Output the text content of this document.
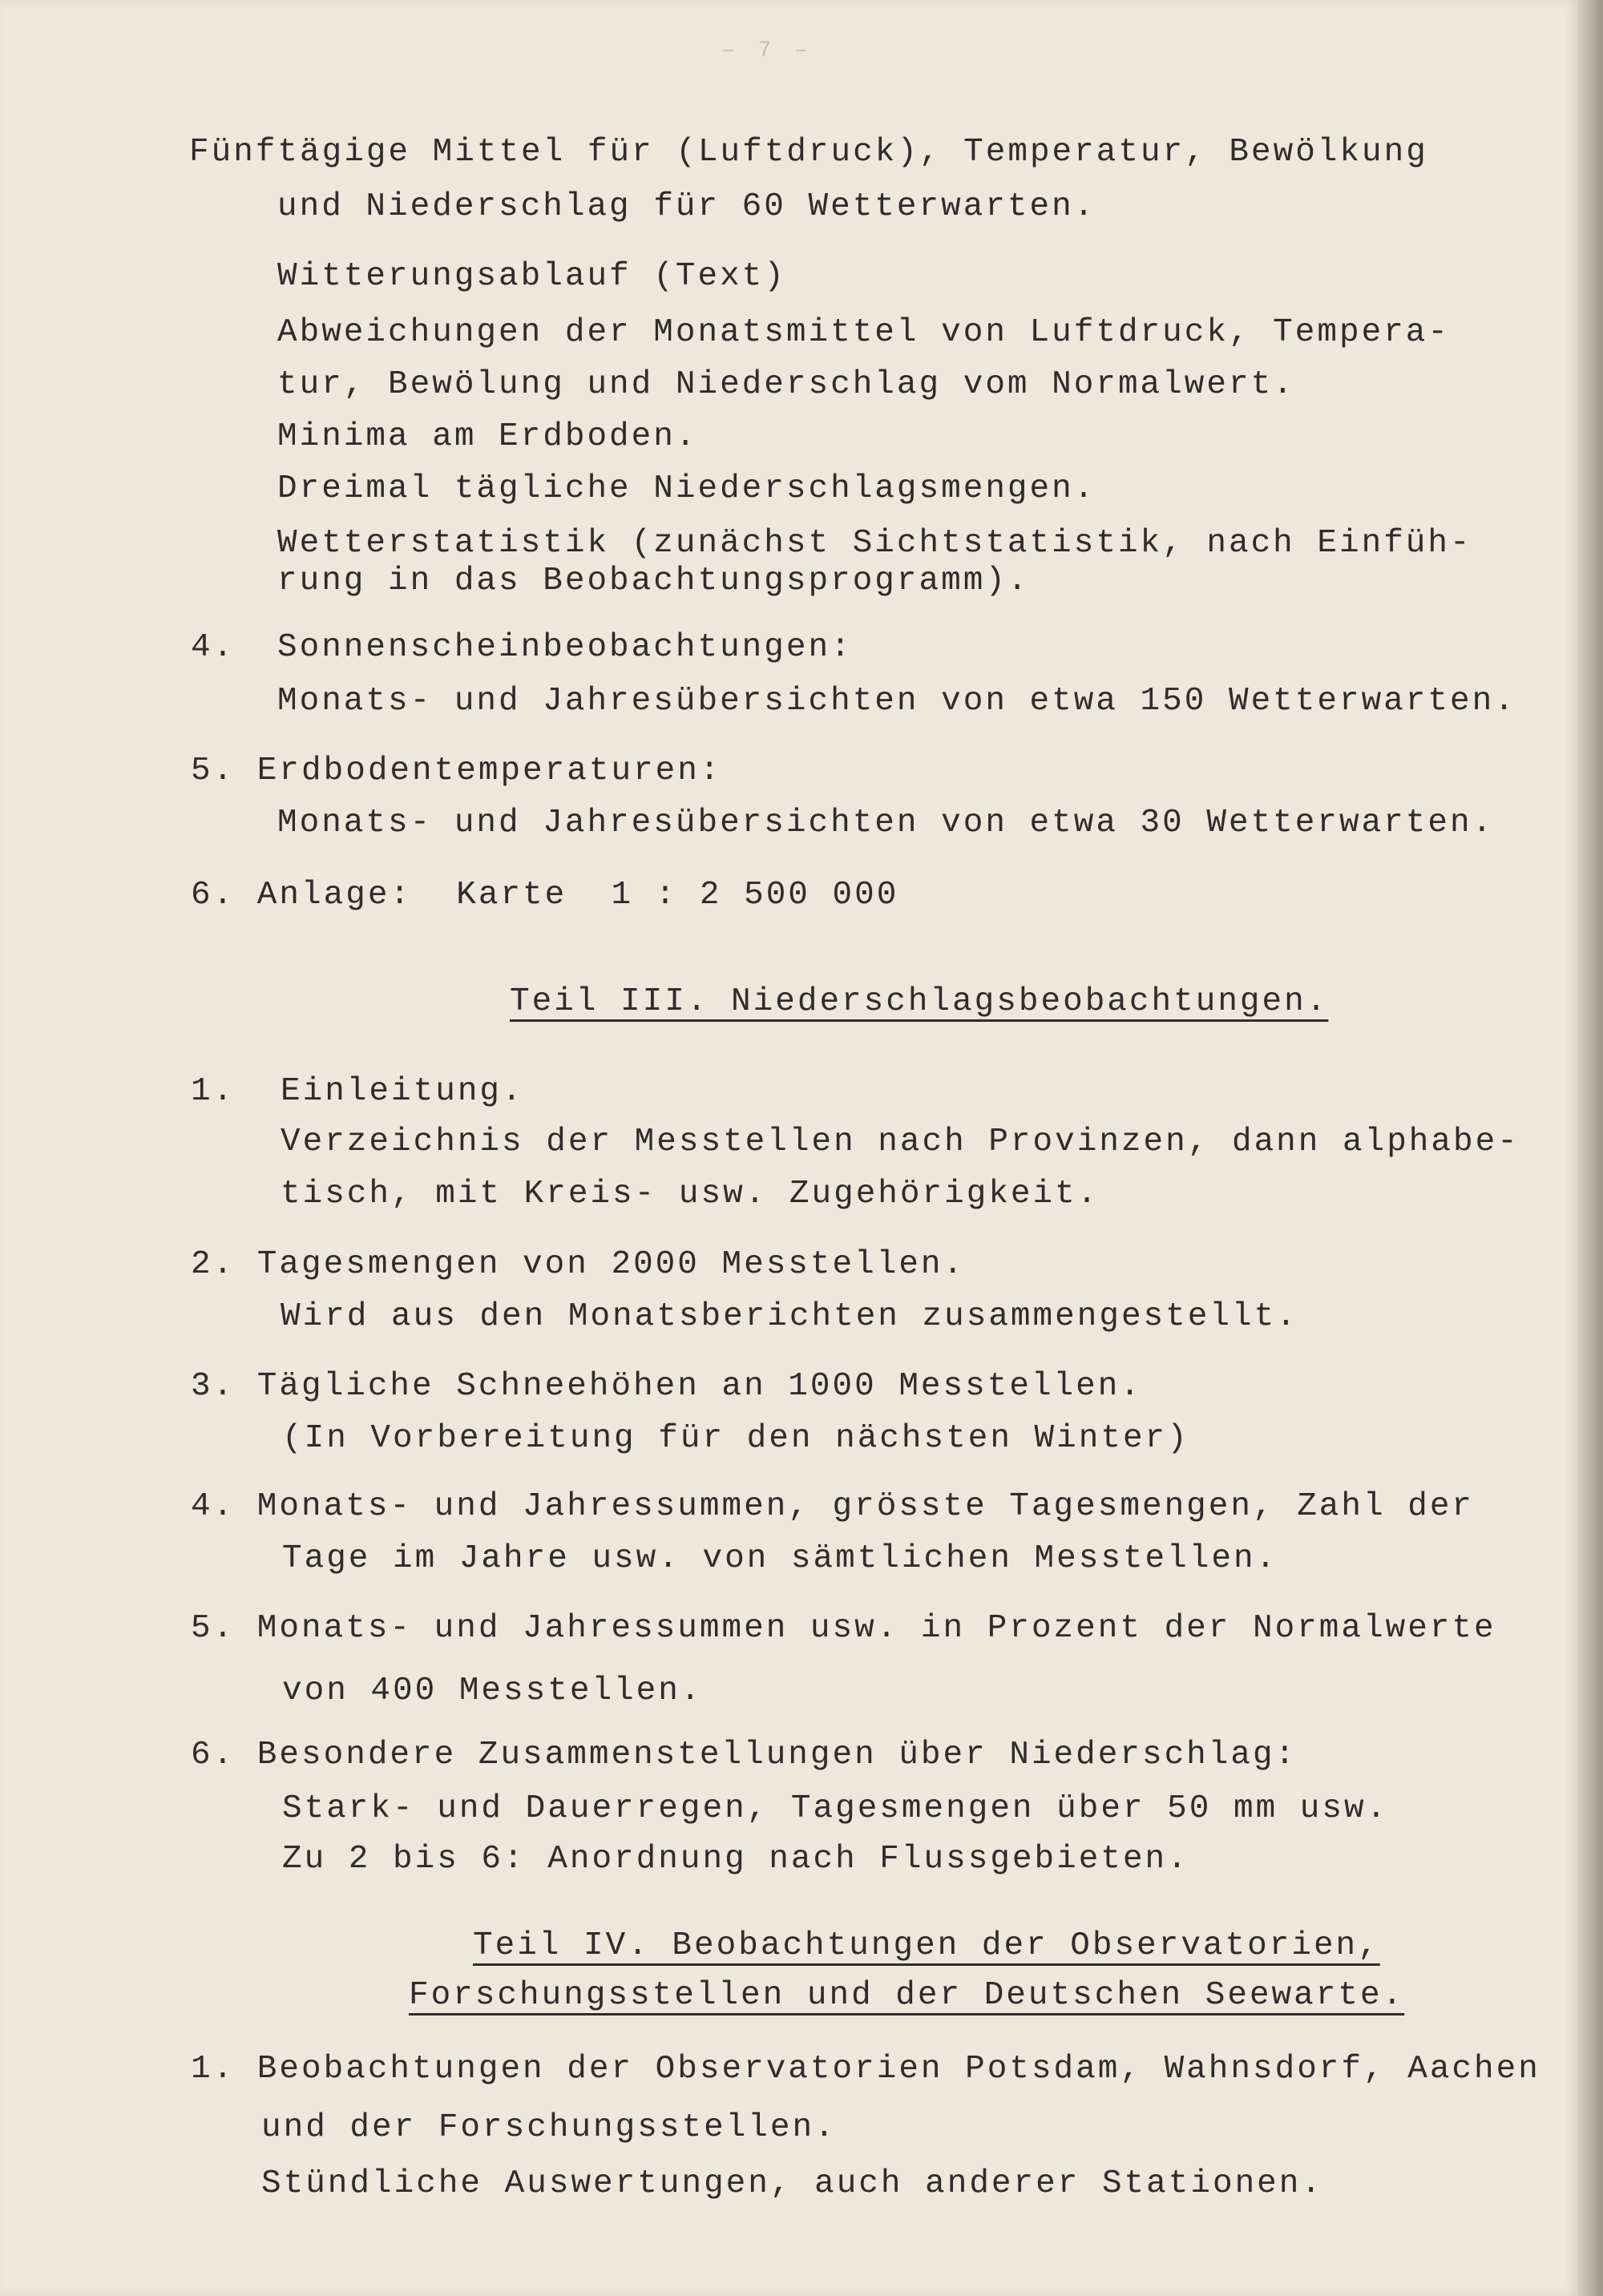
– 7 –

Fünftägige Mittel für (Luftdruck), Temperatur, Bewölkung

und Niederschlag für 60 Wetterwarten.

Witterungsablauf (Text)

Abweichungen der Monatsmittel von Luftdruck, Tempera-

tur, Bewölung und Niederschlag vom Normalwert.

Minima am Erdboden.

Dreimal tägliche Niederschlagsmengen.

Wetterstatistik (zunächst Sichtstatistik, nach Einfüh-

rung in das Beobachtungsprogramm).

4. Sonnenscheinbeobachtungen:

Monats- und Jahresübersichten von etwa 150 Wetterwarten.

5. Erdbodentemperaturen:

Monats- und Jahresübersichten von etwa 30 Wetterwarten.

6. Anlage:  Karte  1 : 2 500 000

Teil III. Niederschlagsbeobachtungen.

1. Einleitung.

Verzeichnis der Messtellen nach Provinzen, dann alphabe-

tisch, mit Kreis- usw. Zugehörigkeit.

2. Tagesmengen von 2000 Messtellen.

Wird aus den Monatsberichten zusammengestellt.

3. Tägliche Schneehöhen an 1000 Messtellen.

(In Vorbereitung für den nächsten Winter)

4. Monats- und Jahressummen, grösste Tagesmengen, Zahl der

Tage im Jahre usw. von sämtlichen Messtellen.

5. Monats- und Jahressummen usw. in Prozent der Normalwerte

von 400 Messtellen.

6. Besondere Zusammenstellungen über Niederschlag:

Stark- und Dauerregen, Tagesmengen über 50 mm usw.

Zu 2 bis 6: Anordnung nach Flussgebieten.

Teil IV. Beobachtungen der Observatorien,

Forschungsstellen und der Deutschen Seewarte.

1. Beobachtungen der Observatorien Potsdam, Wahnsdorf, Aachen

und der Forschungsstellen.

Stündliche Auswertungen, auch anderer Stationen.
